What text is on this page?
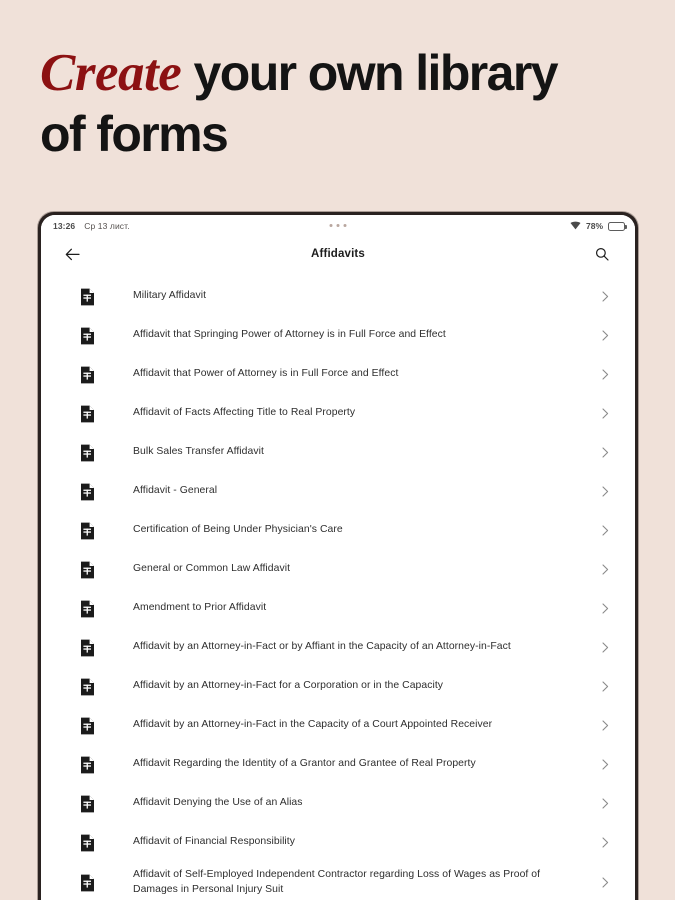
Create your own library
of forms
13:26 Ср 13 лист.	78%
Affidavits
Military Affidavit
Affidavit that Springing Power of Attorney is in Full Force and Effect
Affidavit that Power of Attorney is in Full Force and Effect
Affidavit of Facts Affecting Title to Real Property
Bulk Sales Transfer Affidavit
Affidavit - General
Certification of Being Under Physician's Care
General or Common Law Affidavit
Amendment to Prior Affidavit
Affidavit by an Attorney-in-Fact or by Affiant in the Capacity of an Attorney-in-Fact
Affidavit by an Attorney-in-Fact for a Corporation or in the Capacity
Affidavit by an Attorney-in-Fact in the Capacity of a Court Appointed Receiver
Affidavit Regarding the Identity of a Grantor and Grantee of Real Property
Affidavit Denying the Use of an Alias
Affidavit of Financial Responsibility
Affidavit of Self-Employed Independent Contractor regarding Loss of Wages as Proof of Damages in Personal Injury Suit
